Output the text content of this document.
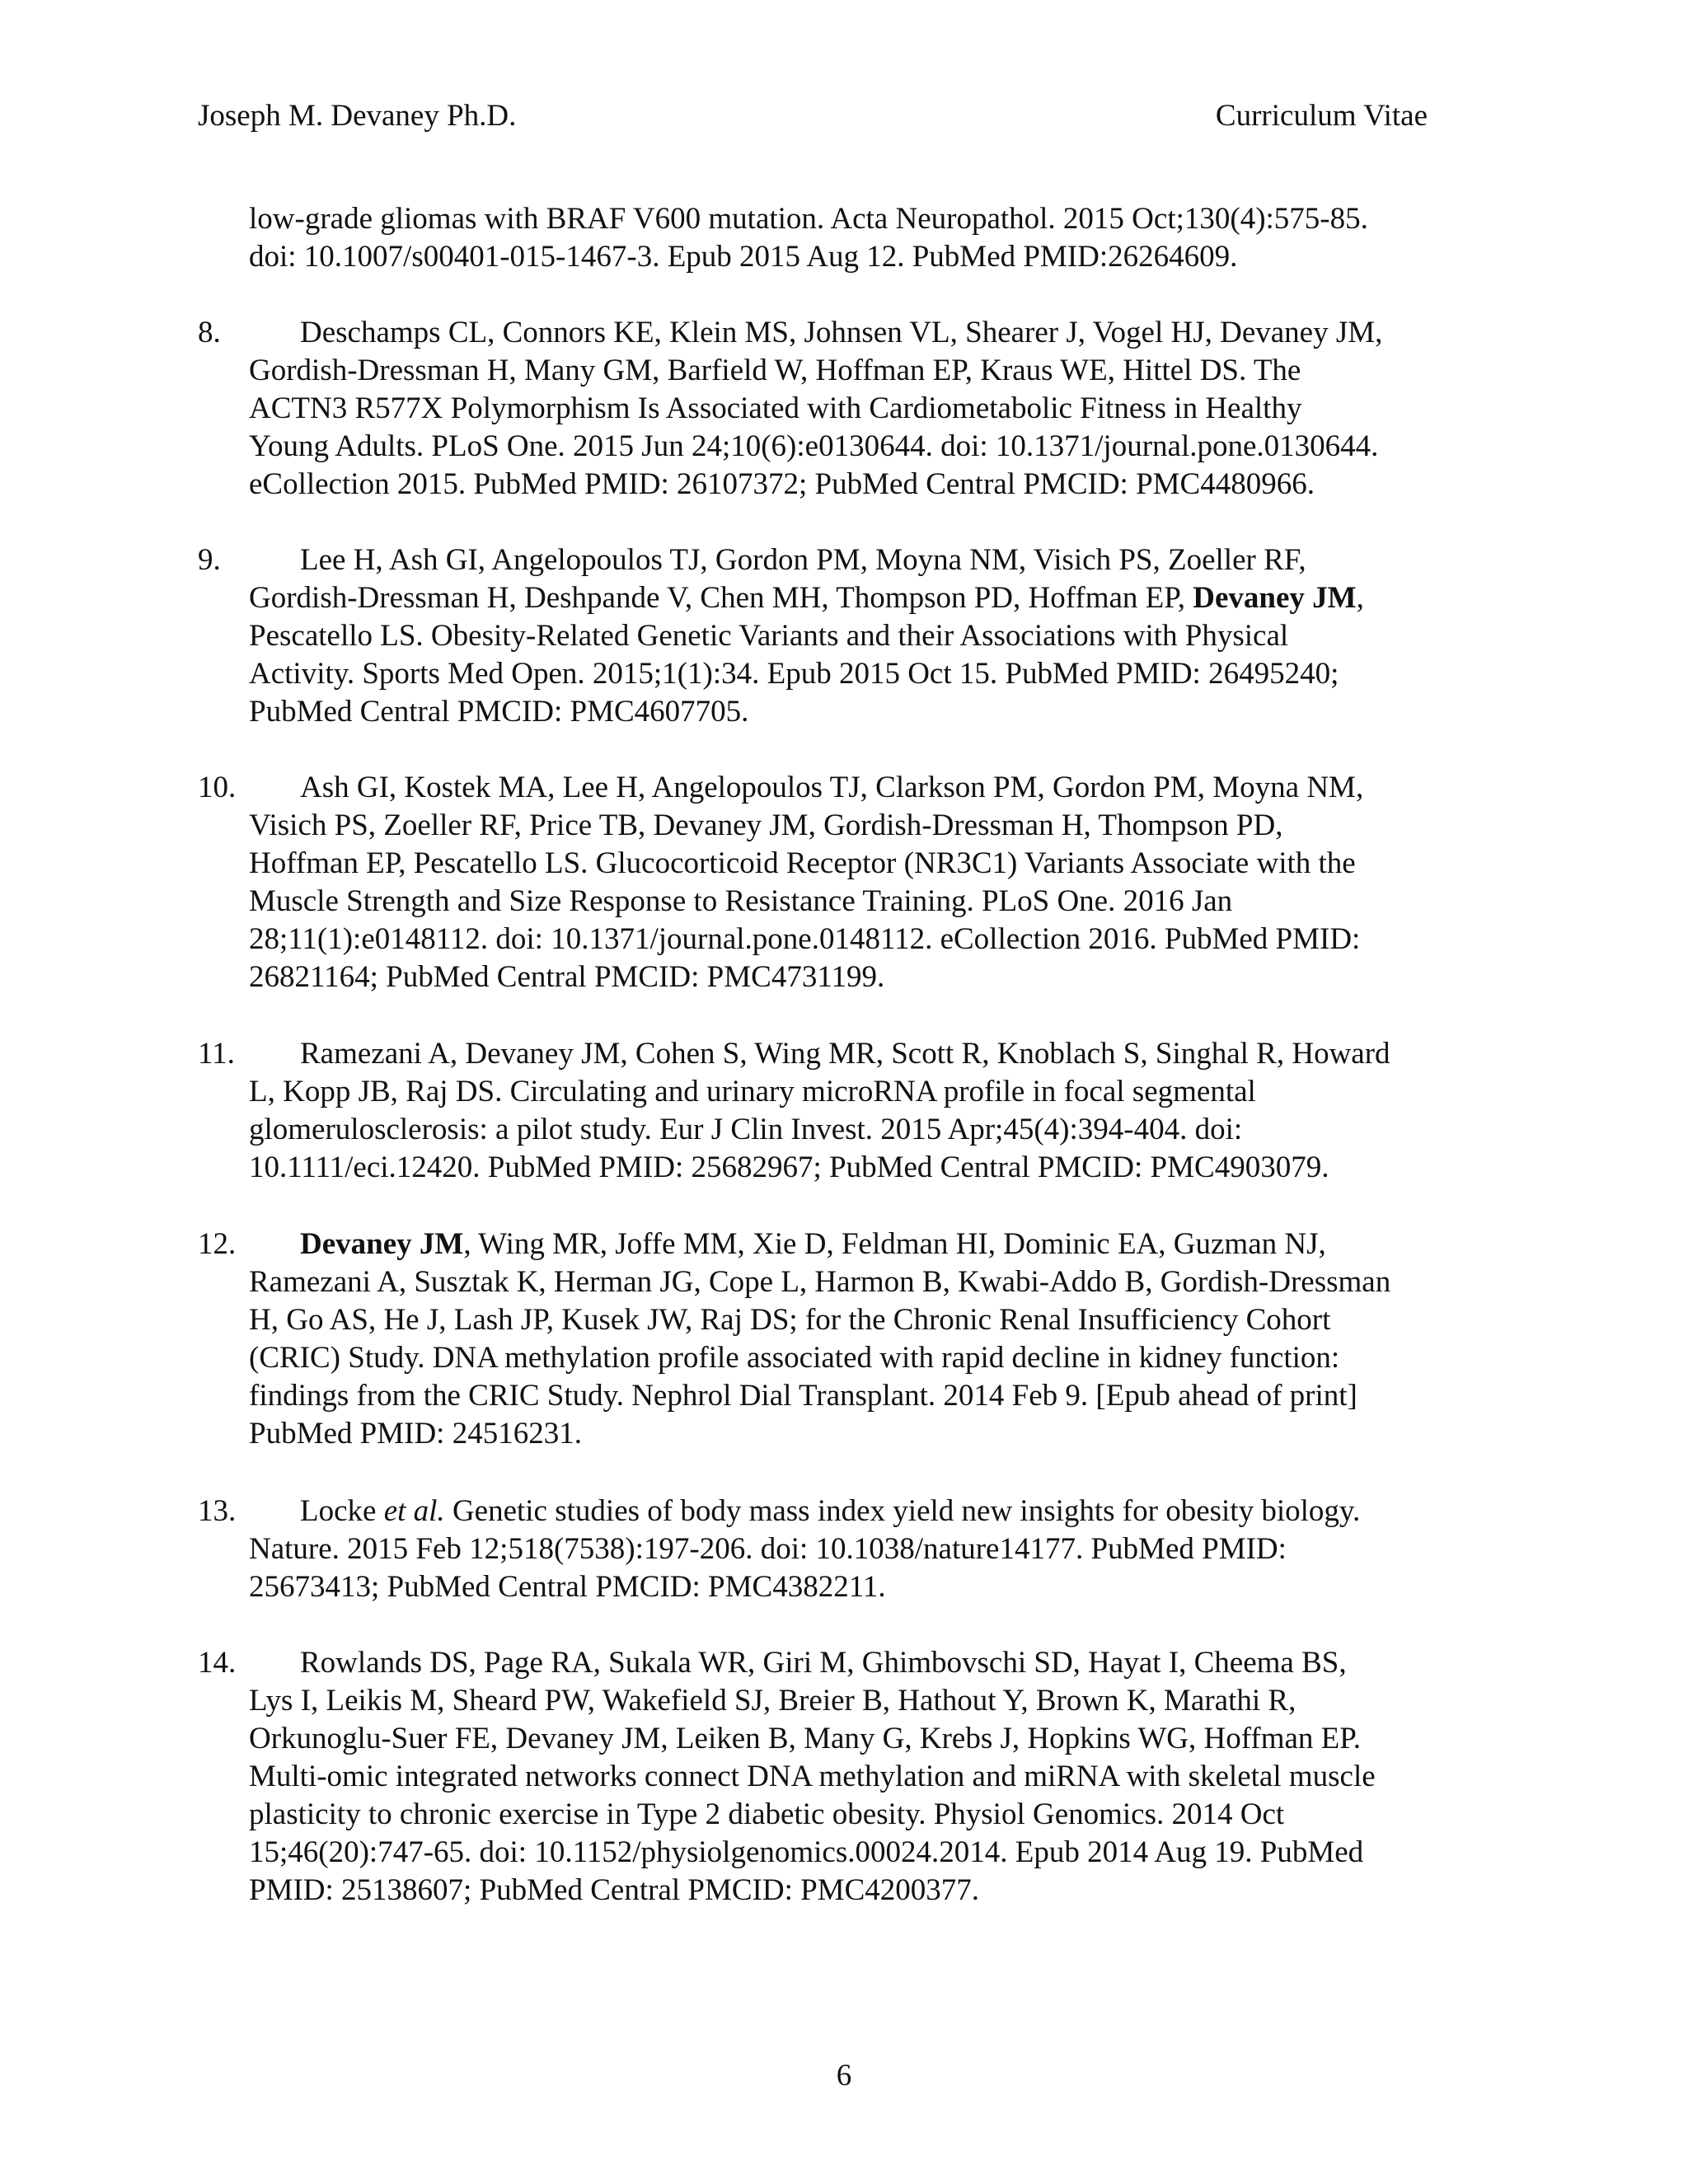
Joseph M. Devaney Ph.D.	Curriculum Vitae
low-grade gliomas with BRAF V600 mutation. Acta Neuropathol. 2015 Oct;130(4):575-85.
doi: 10.1007/s00401-015-1467-3. Epub 2015 Aug 12. PubMed PMID:26264609.
8.	Deschamps CL, Connors KE, Klein MS, Johnsen VL, Shearer J, Vogel HJ, Devaney JM,
Gordish-Dressman H, Many GM, Barfield W, Hoffman EP, Kraus WE, Hittel DS. The
ACTN3 R577X Polymorphism Is Associated with Cardiometabolic Fitness in Healthy
Young Adults. PLoS One. 2015 Jun 24;10(6):e0130644. doi: 10.1371/journal.pone.0130644.
eCollection 2015. PubMed PMID: 26107372; PubMed Central PMCID: PMC4480966.
9.	Lee H, Ash GI, Angelopoulos TJ, Gordon PM, Moyna NM, Visich PS, Zoeller RF,
Gordish-Dressman H, Deshpande V, Chen MH, Thompson PD, Hoffman EP, Devaney JM,
Pescatello LS. Obesity-Related Genetic Variants and their Associations with Physical
Activity. Sports Med Open. 2015;1(1):34. Epub 2015 Oct 15. PubMed PMID: 26495240;
PubMed Central PMCID: PMC4607705.
10.	Ash GI, Kostek MA, Lee H, Angelopoulos TJ, Clarkson PM, Gordon PM, Moyna NM,
Visich PS, Zoeller RF, Price TB, Devaney JM, Gordish-Dressman H, Thompson PD,
Hoffman EP, Pescatello LS. Glucocorticoid Receptor (NR3C1) Variants Associate with the
Muscle Strength and Size Response to Resistance Training. PLoS One. 2016 Jan
28;11(1):e0148112. doi: 10.1371/journal.pone.0148112. eCollection 2016. PubMed PMID:
26821164; PubMed Central PMCID: PMC4731199.
11.	Ramezani A, Devaney JM, Cohen S, Wing MR, Scott R, Knoblach S, Singhal R, Howard
L, Kopp JB, Raj DS. Circulating and urinary microRNA profile in focal segmental
glomerulosclerosis: a pilot study. Eur J Clin Invest. 2015 Apr;45(4):394-404. doi:
10.1111/eci.12420. PubMed PMID: 25682967; PubMed Central PMCID: PMC4903079.
12.	Devaney JM, Wing MR, Joffe MM, Xie D, Feldman HI, Dominic EA, Guzman NJ,
Ramezani A, Susztak K, Herman JG, Cope L, Harmon B, Kwabi-Addo B, Gordish-Dressman
H, Go AS, He J, Lash JP, Kusek JW, Raj DS; for the Chronic Renal Insufficiency Cohort
(CRIC) Study. DNA methylation profile associated with rapid decline in kidney function:
findings from the CRIC Study. Nephrol Dial Transplant. 2014 Feb 9. [Epub ahead of print]
PubMed PMID: 24516231.
13.	Locke et al. Genetic studies of body mass index yield new insights for obesity biology.
Nature. 2015 Feb 12;518(7538):197-206. doi: 10.1038/nature14177. PubMed PMID:
25673413; PubMed Central PMCID: PMC4382211.
14.	Rowlands DS, Page RA, Sukala WR, Giri M, Ghimbovschi SD, Hayat I, Cheema BS,
Lys I, Leikis M, Sheard PW, Wakefield SJ, Breier B, Hathout Y, Brown K, Marathi R,
Orkunoglu-Suer FE, Devaney JM, Leiken B, Many G, Krebs J, Hopkins WG, Hoffman EP.
Multi-omic integrated networks connect DNA methylation and miRNA with skeletal muscle
plasticity to chronic exercise in Type 2 diabetic obesity. Physiol Genomics. 2014 Oct
15;46(20):747-65. doi: 10.1152/physiolgenomics.00024.2014. Epub 2014 Aug 19. PubMed
PMID: 25138607; PubMed Central PMCID: PMC4200377.
6
